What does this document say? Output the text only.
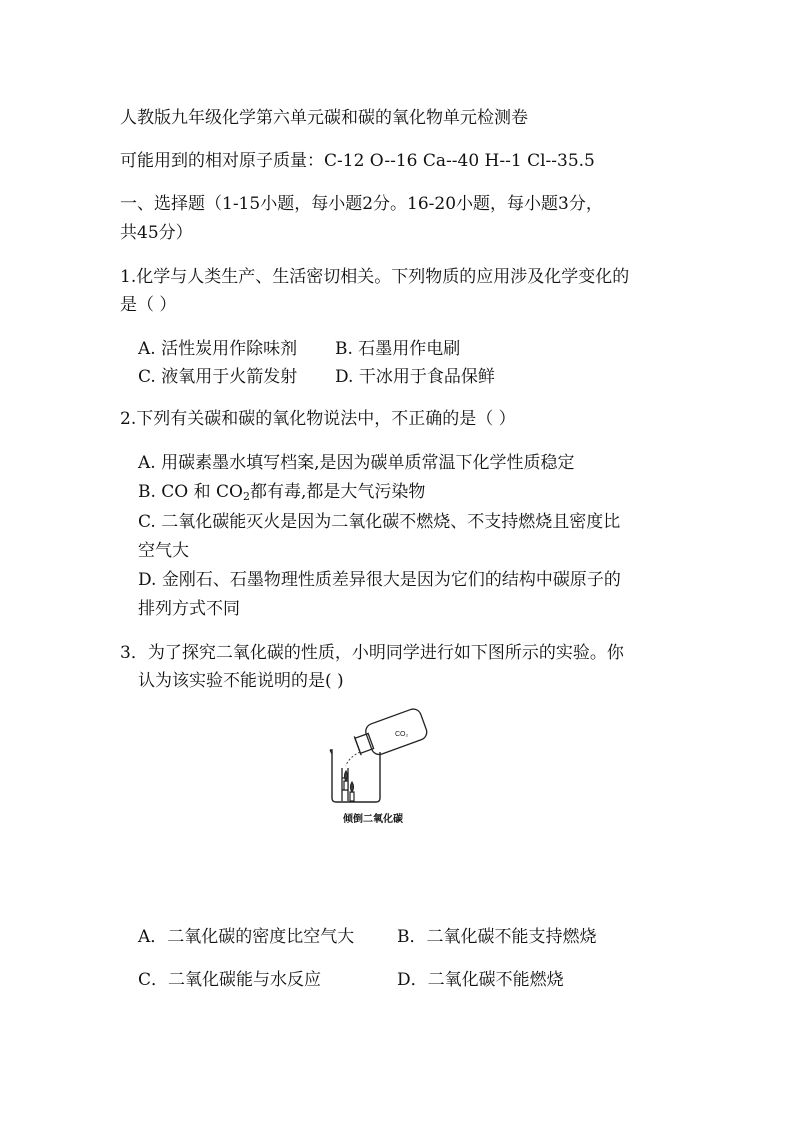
人教版九年级化学第六单元碳和碳的氧化物单元检测卷
可能用到的相对原子质量：C-12 O--16 Ca--40 H--1 Cl--35.5
一、选择题（1-15小题，每小题2分。16-20小题，每小题3分，
共45分）
1.化学与人类生产、生活密切相关。下列物质的应用涉及化学变化的
是（ ）
A. 活性炭用作除味剂 B. 石墨用作电刷
C. 液氧用于火箭发射 D. 干冰用于食品保鲜
2.下列有关碳和碳的氧化物说法中，不正确的是（ ）
A. 用碳素墨水填写档案,是因为碳单质常温下化学性质稳定
B. CO 和 $CO_2$都有毒,都是大气污染物
C. 二氧化碳能灭火是因为二氧化碳不燃烧、不支持燃烧且密度比
空气大
D. 金刚石、石墨物理性质差异很大是因为它们的结构中碳原子的
排列方式不同
3．为了探究二氧化碳的性质，小明同学进行如下图所示的实验。你
认为该实验不能说明的是( )
CO₂
倾倒二氧化碳
A．二氧化碳的密度比空气大	B．二氧化碳不能支持燃烧
C．二氧化碳能与水反应	D．二氧化碳不能燃烧
